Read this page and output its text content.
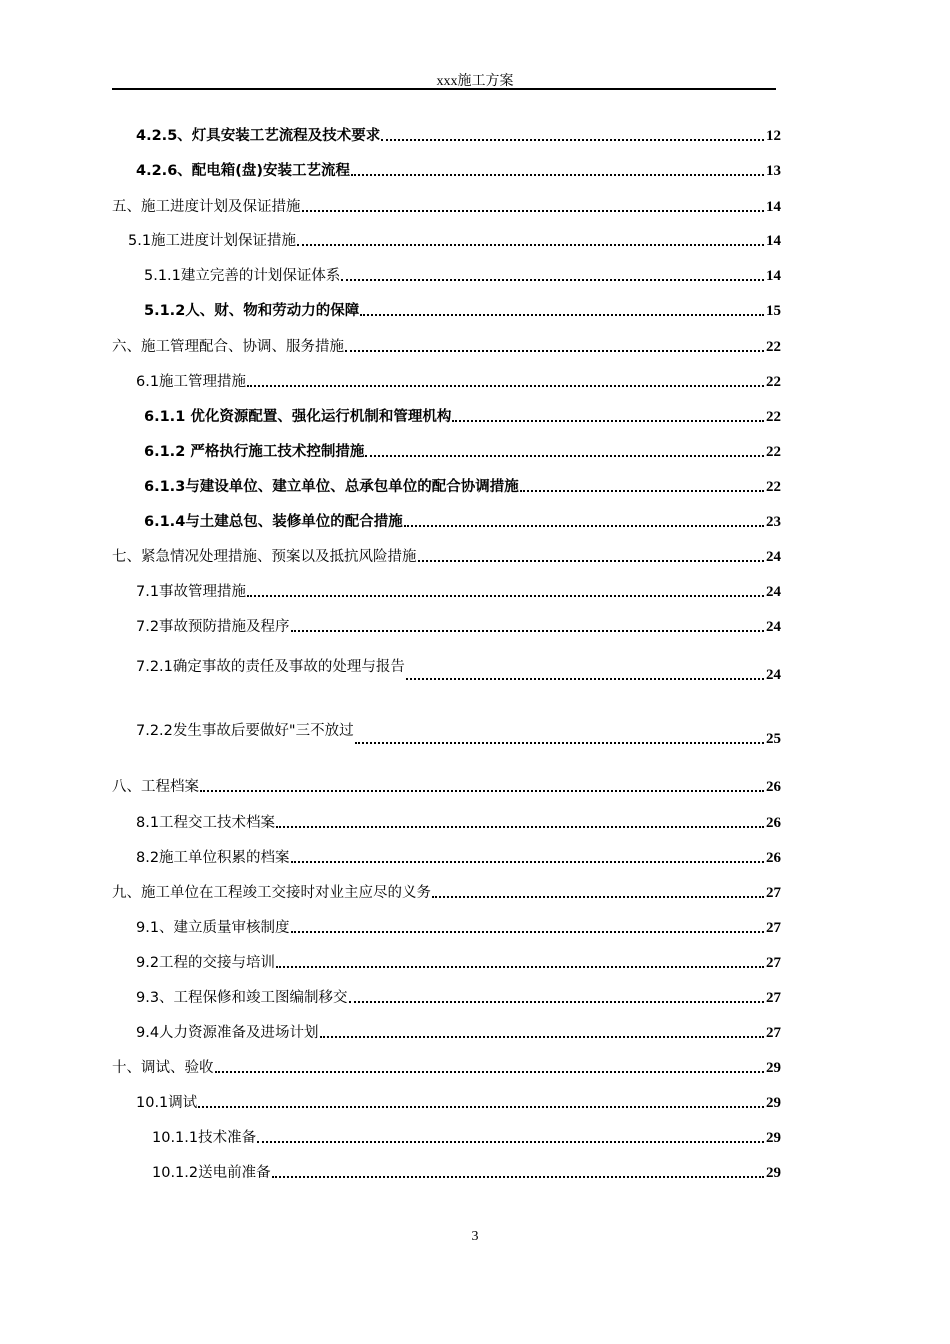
xxx施工方案
4.2.5、灯具安装工艺流程及技术要求	12
4.2.6、配电箱(盘)安装工艺流程	13
五、施工进度计划及保证措施	14
5.1施工进度计划保证措施	14
5.1.1建立完善的计划保证体系	14
5.1.2人、财、物和劳动力的保障	15
六、施工管理配合、协调、服务措施	22
6.1施工管理措施	22
6.1.1 优化资源配置、强化运行机制和管理机构	22
6.1.2 严格执行施工技术控制措施	22
6.1.3与建设单位、建立单位、总承包单位的配合协调措施	22
6.1.4与土建总包、装修单位的配合措施	23
七、紧急情况处理措施、预案以及抵抗风险措施	24
7.1事故管理措施	24
7.2事故预防措施及程序	24
7.2.1确定事故的责任及事故的处理与报告	24
7.2.2发生事故后要做好"三不放过	25
八、工程档案	26
8.1工程交工技术档案	26
8.2施工单位积累的档案	26
九、施工单位在工程竣工交接时对业主应尽的义务	27
9.1、建立质量审核制度	27
9.2工程的交接与培训	27
9.3、工程保修和竣工图编制移交	27
9.4人力资源准备及进场计划	27
十、调试、验收	29
10.1调试	29
10.1.1技术准备	29
10.1.2送电前准备	29
3
